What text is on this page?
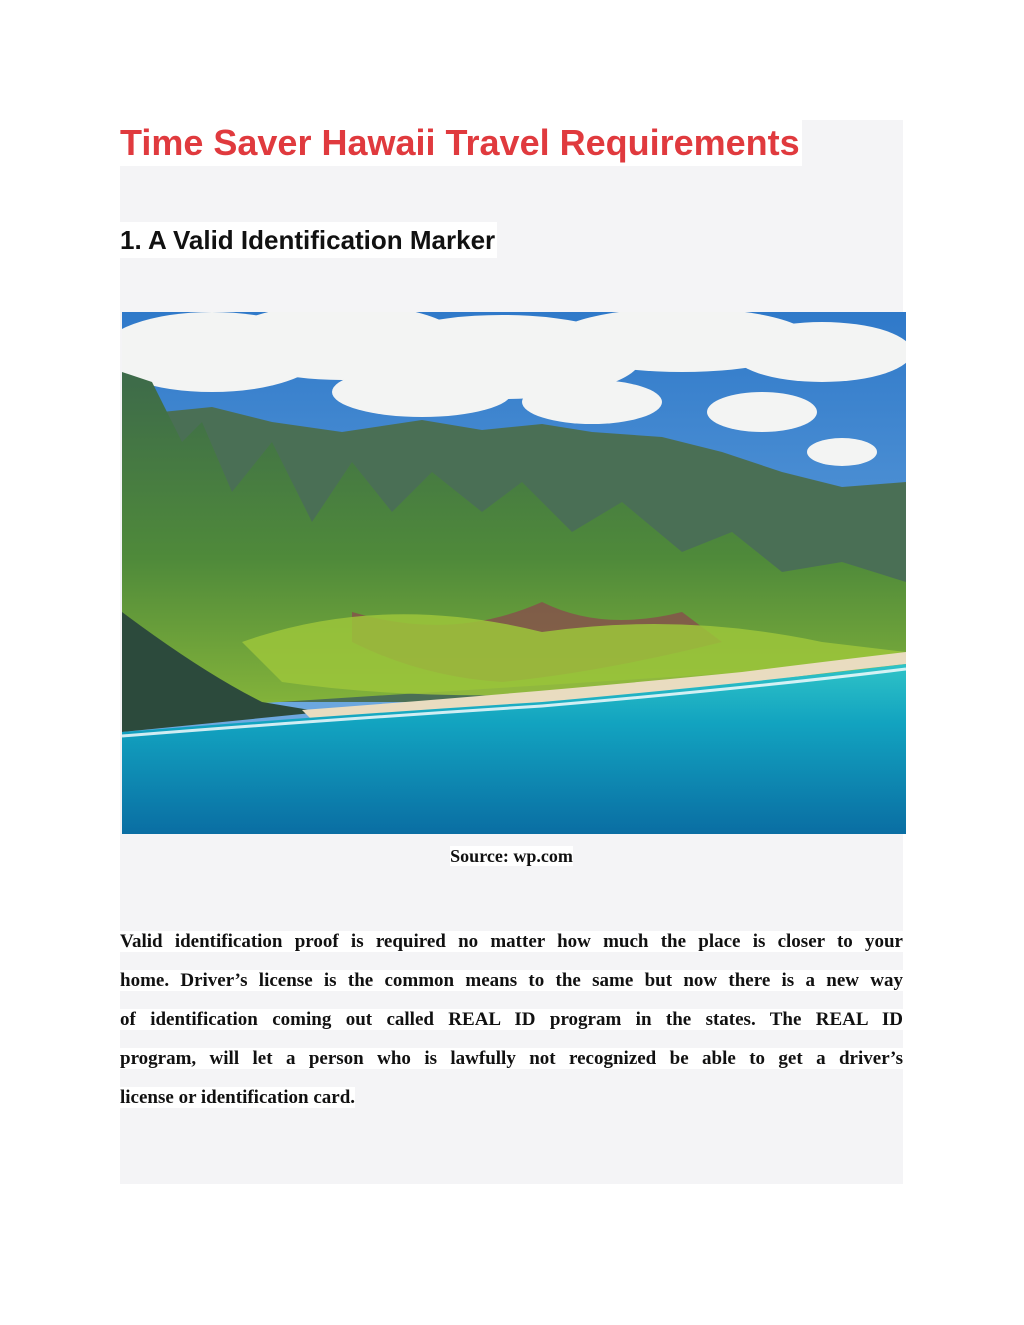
Time Saver Hawaii Travel Requirements
1. A Valid Identification Marker
Source: wp.com
Valid identification proof is required no matter how much the place is closer to your
home. Driver’s license is the common means to the same but now there is a new way
of identification coming out called REAL ID program in the states. The REAL ID
program, will let a person who is lawfully not recognized be able to get a driver’s
license or identification card.
